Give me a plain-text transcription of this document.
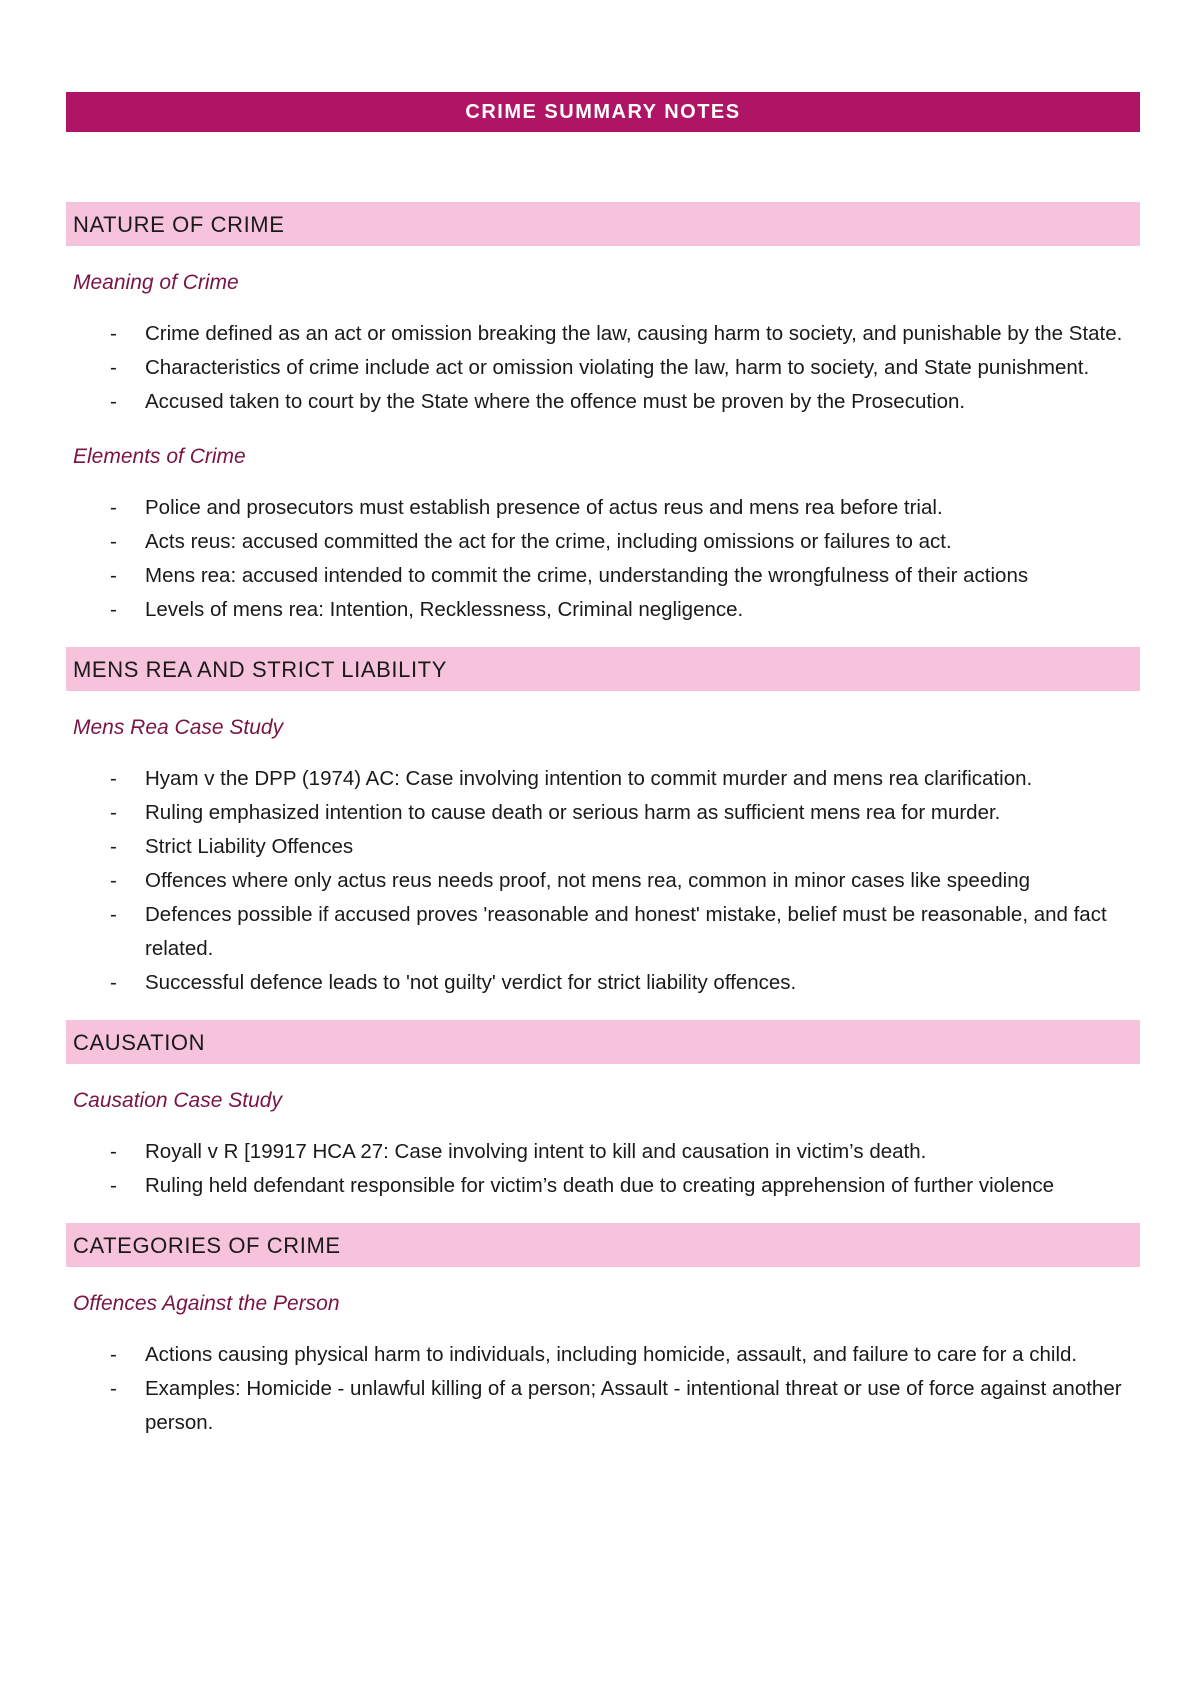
CRIME SUMMARY NOTES
NATURE OF CRIME
Meaning of Crime
- Crime defined as an act or omission breaking the law, causing harm to society, and punishable by the State.
- Characteristics of crime include act or omission violating the law, harm to society, and State punishment.
- Accused taken to court by the State where the offence must be proven by the Prosecution.
Elements of Crime
- Police and prosecutors must establish presence of actus reus and mens rea before trial.
- Acts reus: accused committed the act for the crime, including omissions or failures to act.
- Mens rea: accused intended to commit the crime, understanding the wrongfulness of their actions
- Levels of mens rea: Intention, Recklessness, Criminal negligence.
MENS REA AND STRICT LIABILITY
Mens Rea Case Study
- Hyam v the DPP (1974) AC: Case involving intention to commit murder and mens rea clarification.
- Ruling emphasized intention to cause death or serious harm as sufficient mens rea for murder.
- Strict Liability Offences
- Offences where only actus reus needs proof, not mens rea, common in minor cases like speeding
- Defences possible if accused proves 'reasonable and honest' mistake, belief must be reasonable, and fact related.
- Successful defence leads to 'not guilty' verdict for strict liability offences.
CAUSATION
Causation Case Study
- Royall v R [19917 HCA 27: Case involving intent to kill and causation in victim’s death.
- Ruling held defendant responsible for victim’s death due to creating apprehension of further violence
CATEGORIES OF CRIME
Offences Against the Person
- Actions causing physical harm to individuals, including homicide, assault, and failure to care for a child.
- Examples: Homicide - unlawful killing of a person; Assault - intentional threat or use of force against another person.
